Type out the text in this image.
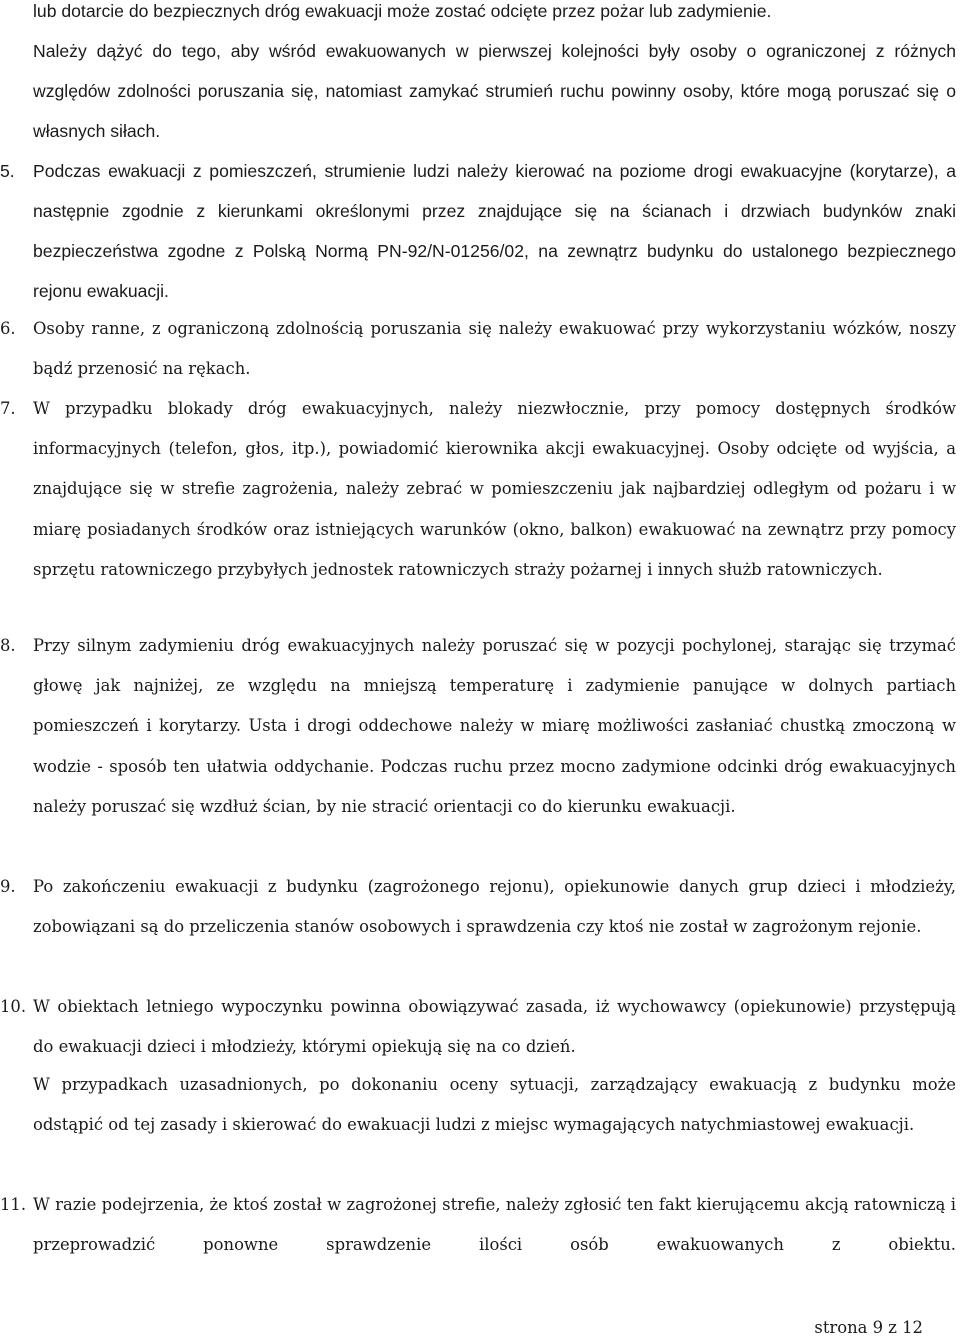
lub dotarcie do bezpiecznych dróg ewakuacji może zostać odcięte przez pożar lub zadymienie.
Należy dążyć do tego, aby wśród ewakuowanych w pierwszej kolejności były osoby o ograniczonej z różnych względów zdolności poruszania się, natomiast zamykać strumień ruchu powinny osoby, które mogą poruszać się o własnych siłach.
5.	Podczas ewakuacji z pomieszczeń, strumienie ludzi należy kierować na poziome drogi ewakuacyjne (korytarze), a następnie zgodnie z kierunkami określonymi przez znajdujące się na ścianach i drzwiach budynków znaki bezpieczeństwa zgodne z Polską Normą PN-92/N-01256/02, na zewnątrz budynku do ustalonego bezpiecznego rejonu ewakuacji.
6.	Osoby ranne, z ograniczoną zdolnością poruszania się należy ewakuować przy wykorzystaniu wózków, noszy bądź przenosić na rękach.
7.	W przypadku blokady dróg ewakuacyjnych, należy niezwłocznie, przy pomocy dostępnych środków informacyjnych (telefon, głos, itp.), powiadomić kierownika akcji ewakuacyjnej. Osoby odcięte od wyjścia, a znajdujące się w strefie zagrożenia, należy zebrać w pomieszczeniu jak najbardziej odległym od pożaru i w miarę posiadanych środków oraz istniejących warunków (okno, balkon) ewakuować na zewnątrz przy pomocy sprzętu ratowniczego przybyłych jednostek ratowniczych straży pożarnej i innych służb ratowniczych.
8.	Przy silnym zadymieniu dróg ewakuacyjnych należy poruszać się w pozycji pochylonej, starając się trzymać głowę jak najniżej, ze względu na mniejszą temperaturę i zadymienie panujące w dolnych partiach pomieszczeń i korytarzy. Usta i drogi oddechowe należy w miarę możliwości zasłaniać chustką zmoczoną w wodzie - sposób ten ułatwia oddychanie. Podczas ruchu przez mocno zadymione odcinki dróg ewakuacyjnych należy poruszać się wzdłuż ścian, by nie stracić orientacji co do kierunku ewakuacji.
9.	Po zakończeniu ewakuacji z budynku (zagrożonego rejonu), opiekunowie danych grup dzieci i młodzieży, zobowiązani są do przeliczenia stanów osobowych i sprawdzenia czy ktoś nie został w zagrożonym rejonie.
10. W obiektach letniego wypoczynku powinna obowiązywać zasada, iż wychowawcy (opiekunowie) przystępują do ewakuacji dzieci i młodzieży, którymi opiekują się na co dzień.
W przypadkach uzasadnionych, po dokonaniu oceny sytuacji, zarządzający ewakuacją z budynku może odstąpić od tej zasady i skierować do ewakuacji ludzi z miejsc wymagających natychmiastowej ewakuacji.
11. W razie podejrzenia, że ktoś został w zagrożonej strefie, należy zgłosić ten fakt kierującemu akcją ratowniczą i przeprowadzić ponowne sprawdzenie ilości osób ewakuowanych z obiektu.
strona 9 z 12
